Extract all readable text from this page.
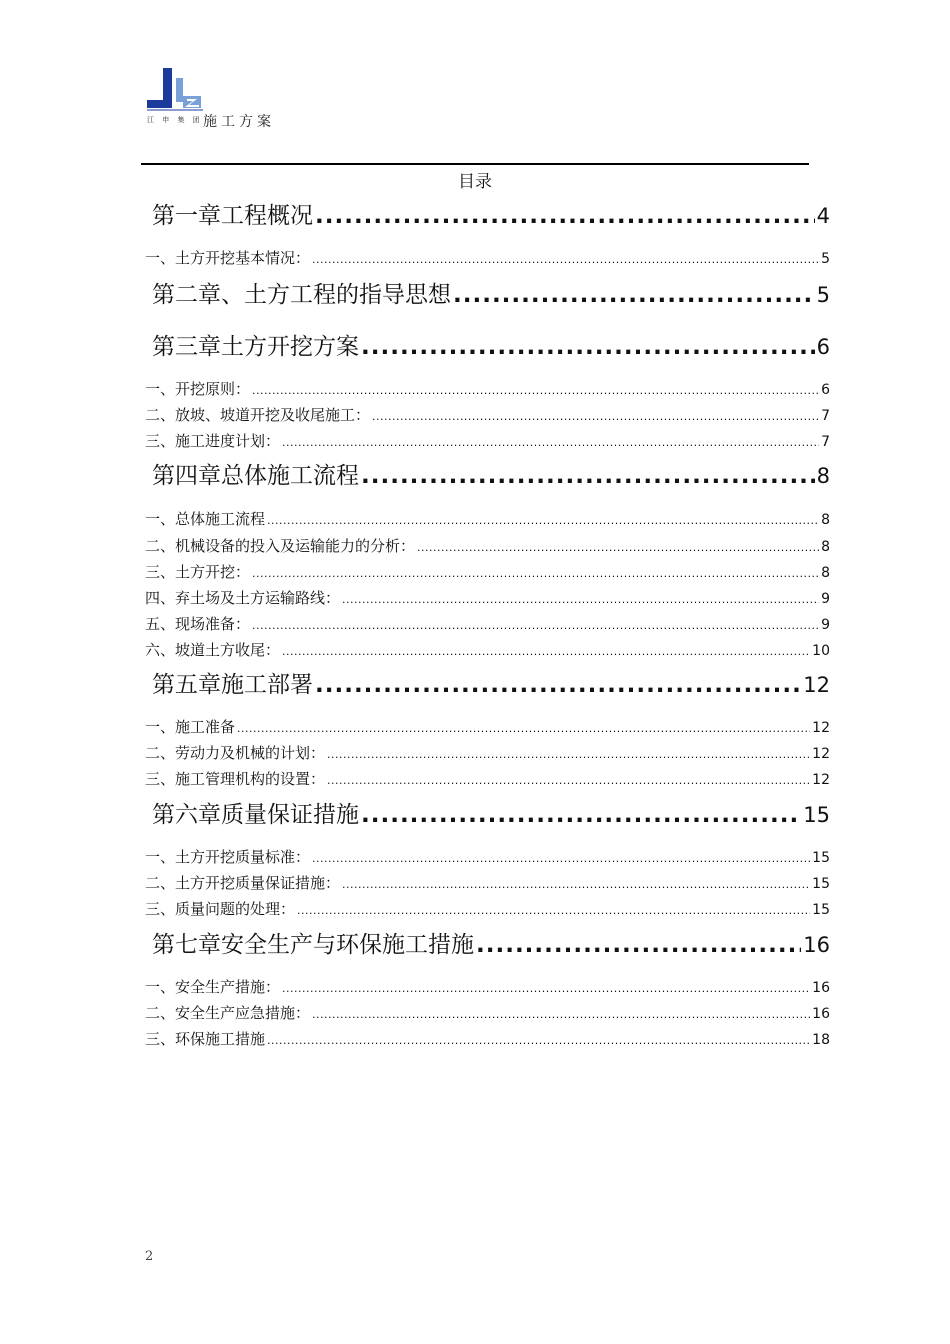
江 申 集 团 施工方案
目录
第一章工程概况 .....	4
一、土方开挖基本情况： .....	5
第二章、土方工程的指导思想 .....	5
第三章土方开挖方案 .....	6
一、开挖原则： .....	6
二、放坡、坡道开挖及收尾施工： .....	7
三、施工进度计划： .....	7
第四章总体施工流程 .....	8
一、总体施工流程 .....	8
二、机械设备的投入及运输能力的分析： .....	8
三、土方开挖： .....	8
四、弃土场及土方运输路线： .....	9
五、现场准备： .....	9
六、坡道土方收尾： .....	10
第五章施工部署 .....	12
一、施工准备 .....	12
二、劳动力及机械的计划： .....	12
三、施工管理机构的设置： .....	12
第六章质量保证措施 .....	15
一、土方开挖质量标准： .....	15
二、土方开挖质量保证措施： .....	15
三、质量问题的处理： .....	15
第七章安全生产与环保施工措施 .....	16
一、安全生产措施： .....	16
二、安全生产应急措施： .....	16
三、环保施工措施 .....	18
2
